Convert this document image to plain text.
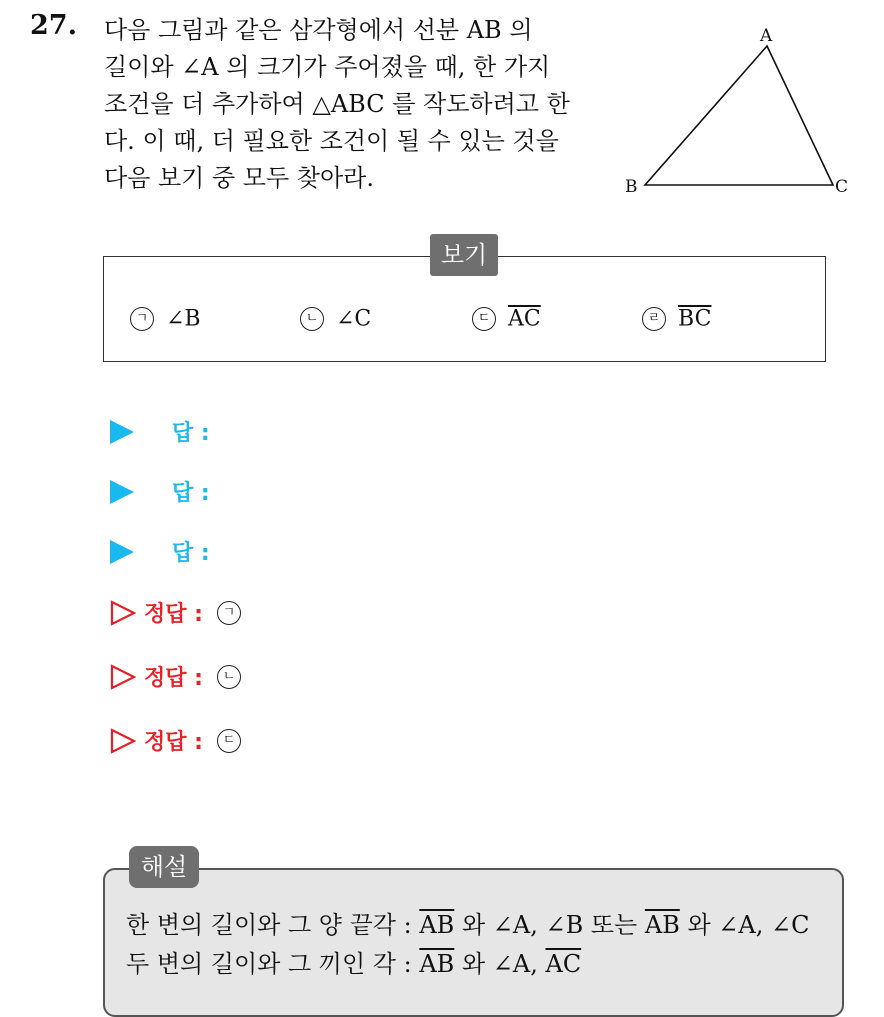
27. 다음 그림과 같은 삼각형에서 선분 AB 의
길이와 ∠A 의 크기가 주어졌을 때, 한 가지
조건을 더 추가하여 △ABC 를 작도하려고 한
다. 이 때, 더 필요한 조건이 될 수 있는 것을
다음 보기 중 모두 찾아라.

A
B	C
보기
ㄱ ∠B	ㄴ ∠C	ㄷ $\overline{AC}$	ㄹ $\overline{BC}$
답 :
답 :
답 :
정답 : ㄱ
정답 : ㄴ
정답 : ㄷ
해설
한 변의 길이와 그 양 끝각 : $\overline{AB}$ 와 ∠A, ∠B 또는 $\overline{AB}$ 와 ∠A, ∠C
두 변의 길이와 그 끼인 각 : $\overline{AB}$ 와 ∠A, $\overline{AC}$
